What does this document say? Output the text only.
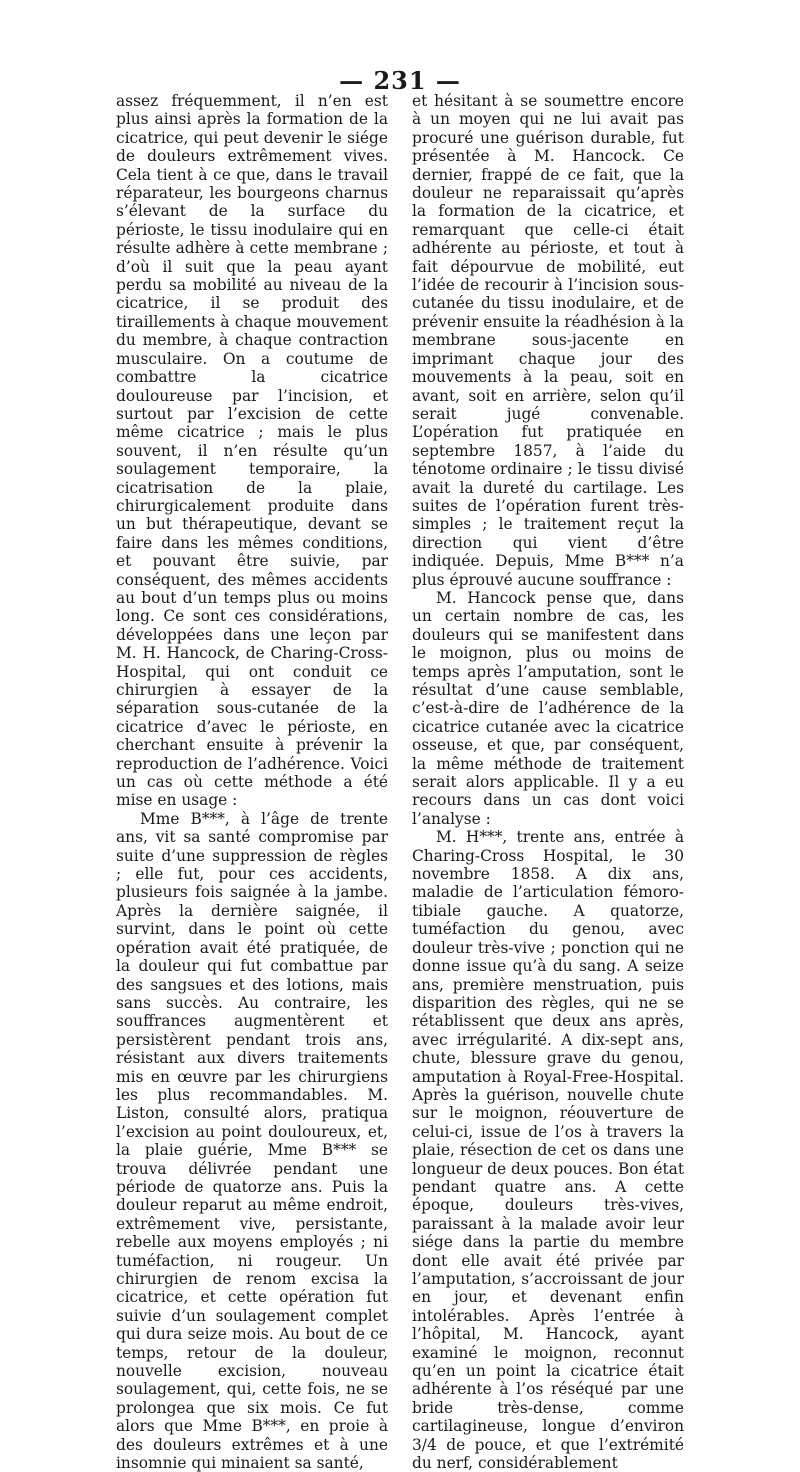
— 231 —

assez fréquemment, il n’en est plus ainsi après la formation de la cicatrice, qui peut devenir le siége de douleurs extrêmement vives. Cela tient à ce que, dans le travail réparateur, les bourgeons charnus s’élevant de la surface du périoste, le tissu inodulaire qui en résulte adhère à cette membrane ; d’où il suit que la peau ayant perdu sa mobilité au niveau de la cicatrice, il se produit des tiraillements à chaque mouvement du membre, à chaque contraction musculaire. On a coutume de combattre la cicatrice douloureuse par l’incision, et surtout par l’excision de cette même cicatrice ; mais le plus souvent, il n’en résulte qu’un soulagement temporaire, la cicatrisation de la plaie, chirurgicalement produite dans un but thérapeutique, devant se faire dans les mêmes conditions, et pouvant être suivie, par conséquent, des mêmes accidents au bout d’un temps plus ou moins long. Ce sont ces considérations, développées dans une leçon par M. H. Hancock, de Charing-Cross-Hospital, qui ont conduit ce chirurgien à essayer de la séparation sous-cutanée de la cicatrice d’avec le périoste, en cherchant ensuite à prévenir la reproduction de l’adhérence. Voici un cas où cette méthode a été mise en usage :

Mme B***, à l’âge de trente ans, vit sa santé compromise par suite d’une suppression de règles ; elle fut, pour ces accidents, plusieurs fois saignée à la jambe. Après la dernière saignée, il survint, dans le point où cette opération avait été pratiquée, de la douleur qui fut combattue par des sangsues et des lotions, mais sans succès. Au contraire, les souffrances augmentèrent et persistèrent pendant trois ans, résistant aux divers traitements mis en œuvre par les chirurgiens les plus recommandables. M. Liston, consulté alors, pratiqua l’excision au point douloureux, et, la plaie guérie, Mme B*** se trouva délivrée pendant une période de quatorze ans. Puis la douleur reparut au même endroit, extrêmement vive, persistante, rebelle aux moyens employés ; ni tuméfaction, ni rougeur. Un chirurgien de renom excisa la cicatrice, et cette opération fut suivie d’un soulagement complet qui dura seize mois. Au bout de ce temps, retour de la douleur, nouvelle excision, nouveau soulagement, qui, cette fois, ne se prolongea que six mois. Ce fut alors que Mme B***, en proie à des douleurs extrêmes et à une insomnie qui minaient sa santé,

et hésitant à se soumettre encore à un moyen qui ne lui avait pas procuré une guérison durable, fut présentée à M. Hancock. Ce dernier, frappé de ce fait, que la douleur ne reparaissait qu’après la formation de la cicatrice, et remarquant que celle-ci était adhérente au périoste, et tout à fait dépourvue de mobilité, eut l’idée de recourir à l’incision sous-cutanée du tissu inodulaire, et de prévenir ensuite la réadhésion à la membrane sous-jacente en imprimant chaque jour des mouvements à la peau, soit en avant, soit en arrière, selon qu’il serait jugé convenable. L’opération fut pratiquée en septembre 1857, à l’aide du ténotome ordinaire ; le tissu divisé avait la dureté du cartilage. Les suites de l’opération furent très-simples ; le traitement reçut la direction qui vient d’être indiquée. Depuis, Mme B*** n’a plus éprouvé aucune souffrance :

M. Hancock pense que, dans un certain nombre de cas, les douleurs qui se manifestent dans le moignon, plus ou moins de temps après l’amputation, sont le résultat d’une cause semblable, c’est-à-dire de l’adhérence de la cicatrice cutanée avec la cicatrice osseuse, et que, par conséquent, la même méthode de traitement serait alors applicable. Il y a eu recours dans un cas dont voici l’analyse :

M. H***, trente ans, entrée à Charing-Cross Hospital, le 30 novembre 1858. A dix ans, maladie de l’articulation fémoro-tibiale gauche. A quatorze, tuméfaction du genou, avec douleur très-vive ; ponction qui ne donne issue qu’à du sang. A seize ans, première menstruation, puis disparition des règles, qui ne se rétablissent que deux ans après, avec irrégularité. A dix-sept ans, chute, blessure grave du genou, amputation à Royal-Free-Hospital. Après la guérison, nouvelle chute sur le moignon, réouverture de celui-ci, issue de l’os à travers la plaie, résection de cet os dans une longueur de deux pouces. Bon état pendant quatre ans. A cette époque, douleurs très-vives, paraissant à la malade avoir leur siége dans la partie du membre dont elle avait été privée par l’amputation, s’accroissant de jour en jour, et devenant enfin intolérables. Après l’entrée à l’hôpital, M. Hancock, ayant examiné le moignon, reconnut qu’en un point la cicatrice était adhérente à l’os réséqué par une bride très-dense, comme cartilagineuse, longue d’environ 3/4 de pouce, et que l’extrémité du nerf, considérablement
